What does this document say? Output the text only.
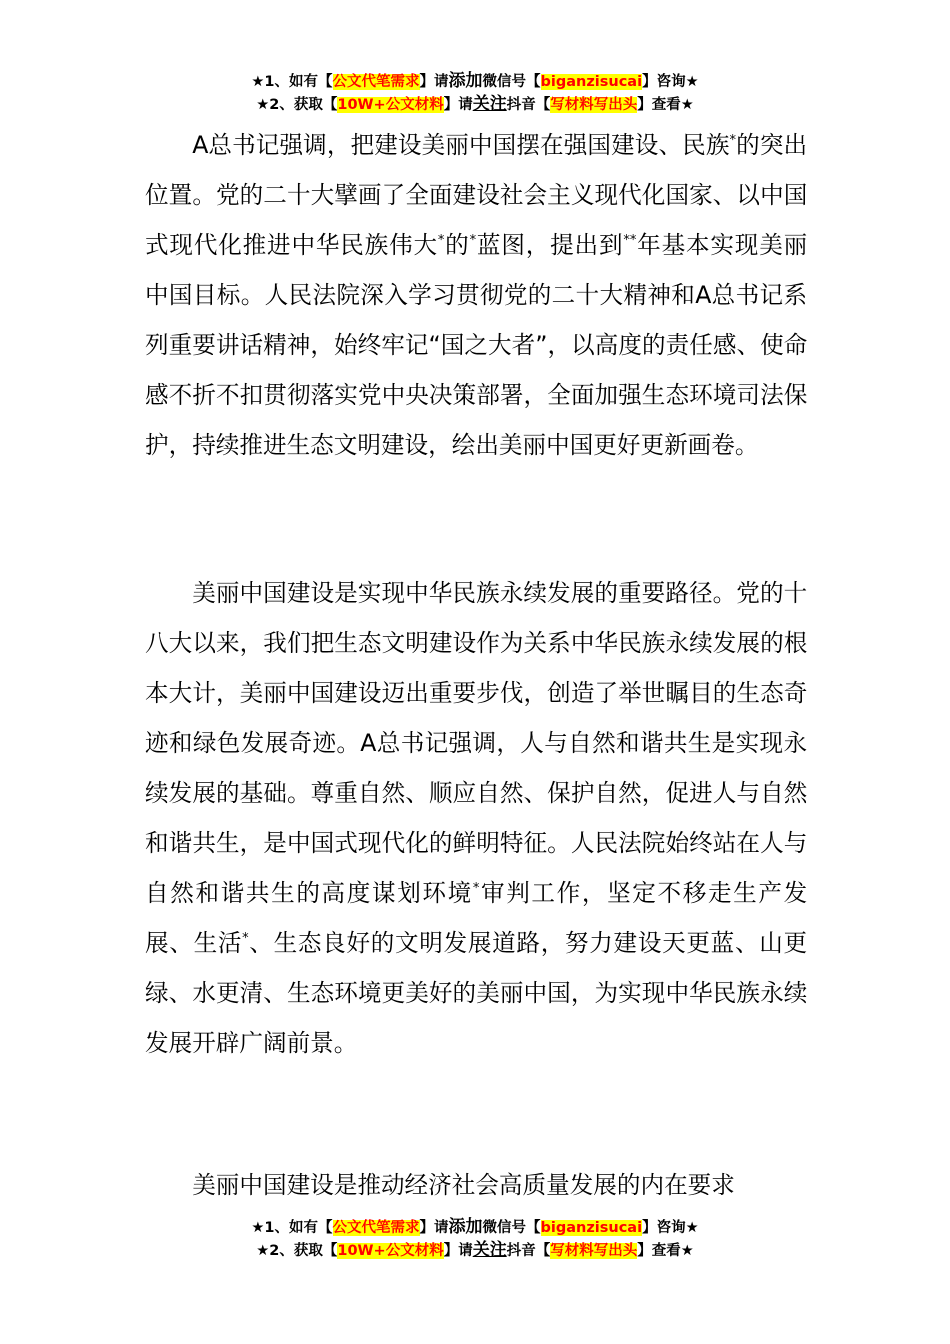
★1、如有【公文代笔需求】请添加微信号【biganzisucai】咨询★
★2、获取【10W+公文材料】请关注抖音【写材料写出头】查看★

A总书记强调，把建设美丽中国摆在强国建设、民族*的突出位置。党的二十大擘画了全面建设社会主义现代化国家、以中国式现代化推进中华民族伟大*的*蓝图，提出到**年基本实现美丽中国目标。人民法院深入学习贯彻党的二十大精神和A总书记系列重要讲话精神，始终牢记“国之大者”，以高度的责任感、使命感不折不扣贯彻落实党中央决策部署，全面加强生态环境司法保护，持续推进生态文明建设，绘出美丽中国更好更新画卷。

美丽中国建设是实现中华民族永续发展的重要路径。党的十八大以来，我们把生态文明建设作为关系中华民族永续发展的根本大计，美丽中国建设迈出重要步伐，创造了举世瞩目的生态奇迹和绿色发展奇迹。A总书记强调，人与自然和谐共生是实现永续发展的基础。尊重自然、顺应自然、保护自然，促进人与自然和谐共生，是中国式现代化的鲜明特征。人民法院始终站在人与自然和谐共生的高度谋划环境*审判工作，坚定不移走生产发展、生活*、生态良好的文明发展道路，努力建设天更蓝、山更绿、水更清、生态环境更美好的美丽中国，为实现中华民族永续发展开辟广阔前景。

美丽中国建设是推动经济社会高质量发展的内在要求

★1、如有【公文代笔需求】请添加微信号【biganzisucai】咨询★
★2、获取【10W+公文材料】请关注抖音【写材料写出头】查看★
